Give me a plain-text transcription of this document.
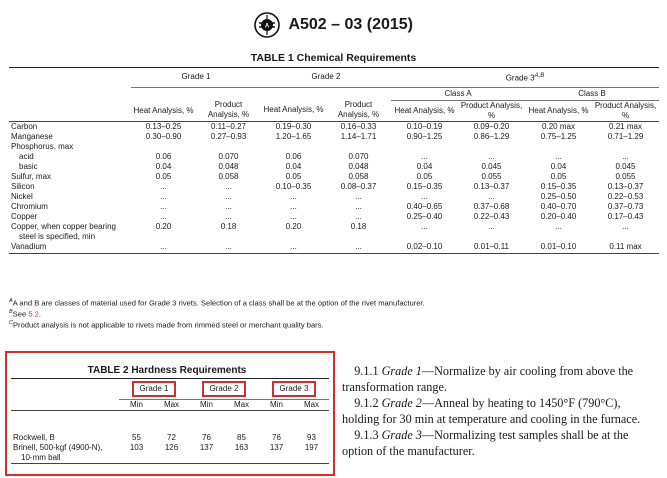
A A502 – 03 (2015)
TABLE 1 Chemical Requirements
	Grade 1		Grade 2		Grade $3^{A,B}$
					Class A		Class B	
	Heat Analysis, %	Product Analysis, %	Heat Analysis, %	Product Analysis, %	Heat Analysis, %	Product Analysis, %	Heat Analysis, %	Product Analysis, %
Carbon	0.13–0.25	0.11–0.27	0.19–0.30	0.16–0.33	0.10–0.19	0.09–0.20	0.20 max	0.21 max
Manganese	0.30–0.90	0.27–0.93	1.20–1.65	1.14–1.71	0.90–1.25	0.86–1.29	0.75–1.25	0.71–1.29
Phosphorus, max								
acid	0.06	0.070	0.06	0.070	...	...	...	...
basic	0.04	0.048	0.04	0.048	0.04	0.045	0.04	0.045
Sulfur, max	0.05	0.058	0.05	0.058	0.05	0.055	0.05	0.055
Silicon	...	...	0.10–0.35	0.08–0.37	0.15–0.35	0.13–0.37	0.15–0.35	0.13–0.37
Nickel	...	...	...	...	...	...	0.25–0.50	0.22–0.53
Chromium	...	...	...	...	0.40–0.65	0.37–0.68	0.40–0.70	0.37–0.73
Copper	...	...	...	...	0.25–0.40	0.22–0.43	0.20–0.40	0.17–0.43
Copper, when copper bearing	0.20	0.18	0.20	0.18	...	...	...	...
steel is specified, min								
Vanadium	...	...	...	...	0.02–0.10	0.01–0.11	0.01–0.10	0.11 max
$^A$A and B are classes of material used for Grade 3 rivets. Selection of a class shall be at the option of the rivet manufacturer.
$^B$See 5.2.
$^C$Product analysis is not applicable to rivets made from rimmed steel or merchant quality bars.
TABLE 2 Hardness Requirements
	Grade 1		Grade 2		Grade 3	
	Min	Max	Min	Max	Min	Max

Rockwell, B	55	72	76	85	76	93
Brinell, 500-kgf (4900-N),	103	126	137	163	137	197
10-mm ball						
9.1.1 Grade 1—Normalize by air cooling from above the
transformation range.
9.1.2 Grade 2—Anneal by heating to 1450°F (790°C),
holding for 30 min at temperature and cooling in the furnace.
9.1.3 Grade 3—Normalizing test samples shall be at the
option of the manufacturer.
